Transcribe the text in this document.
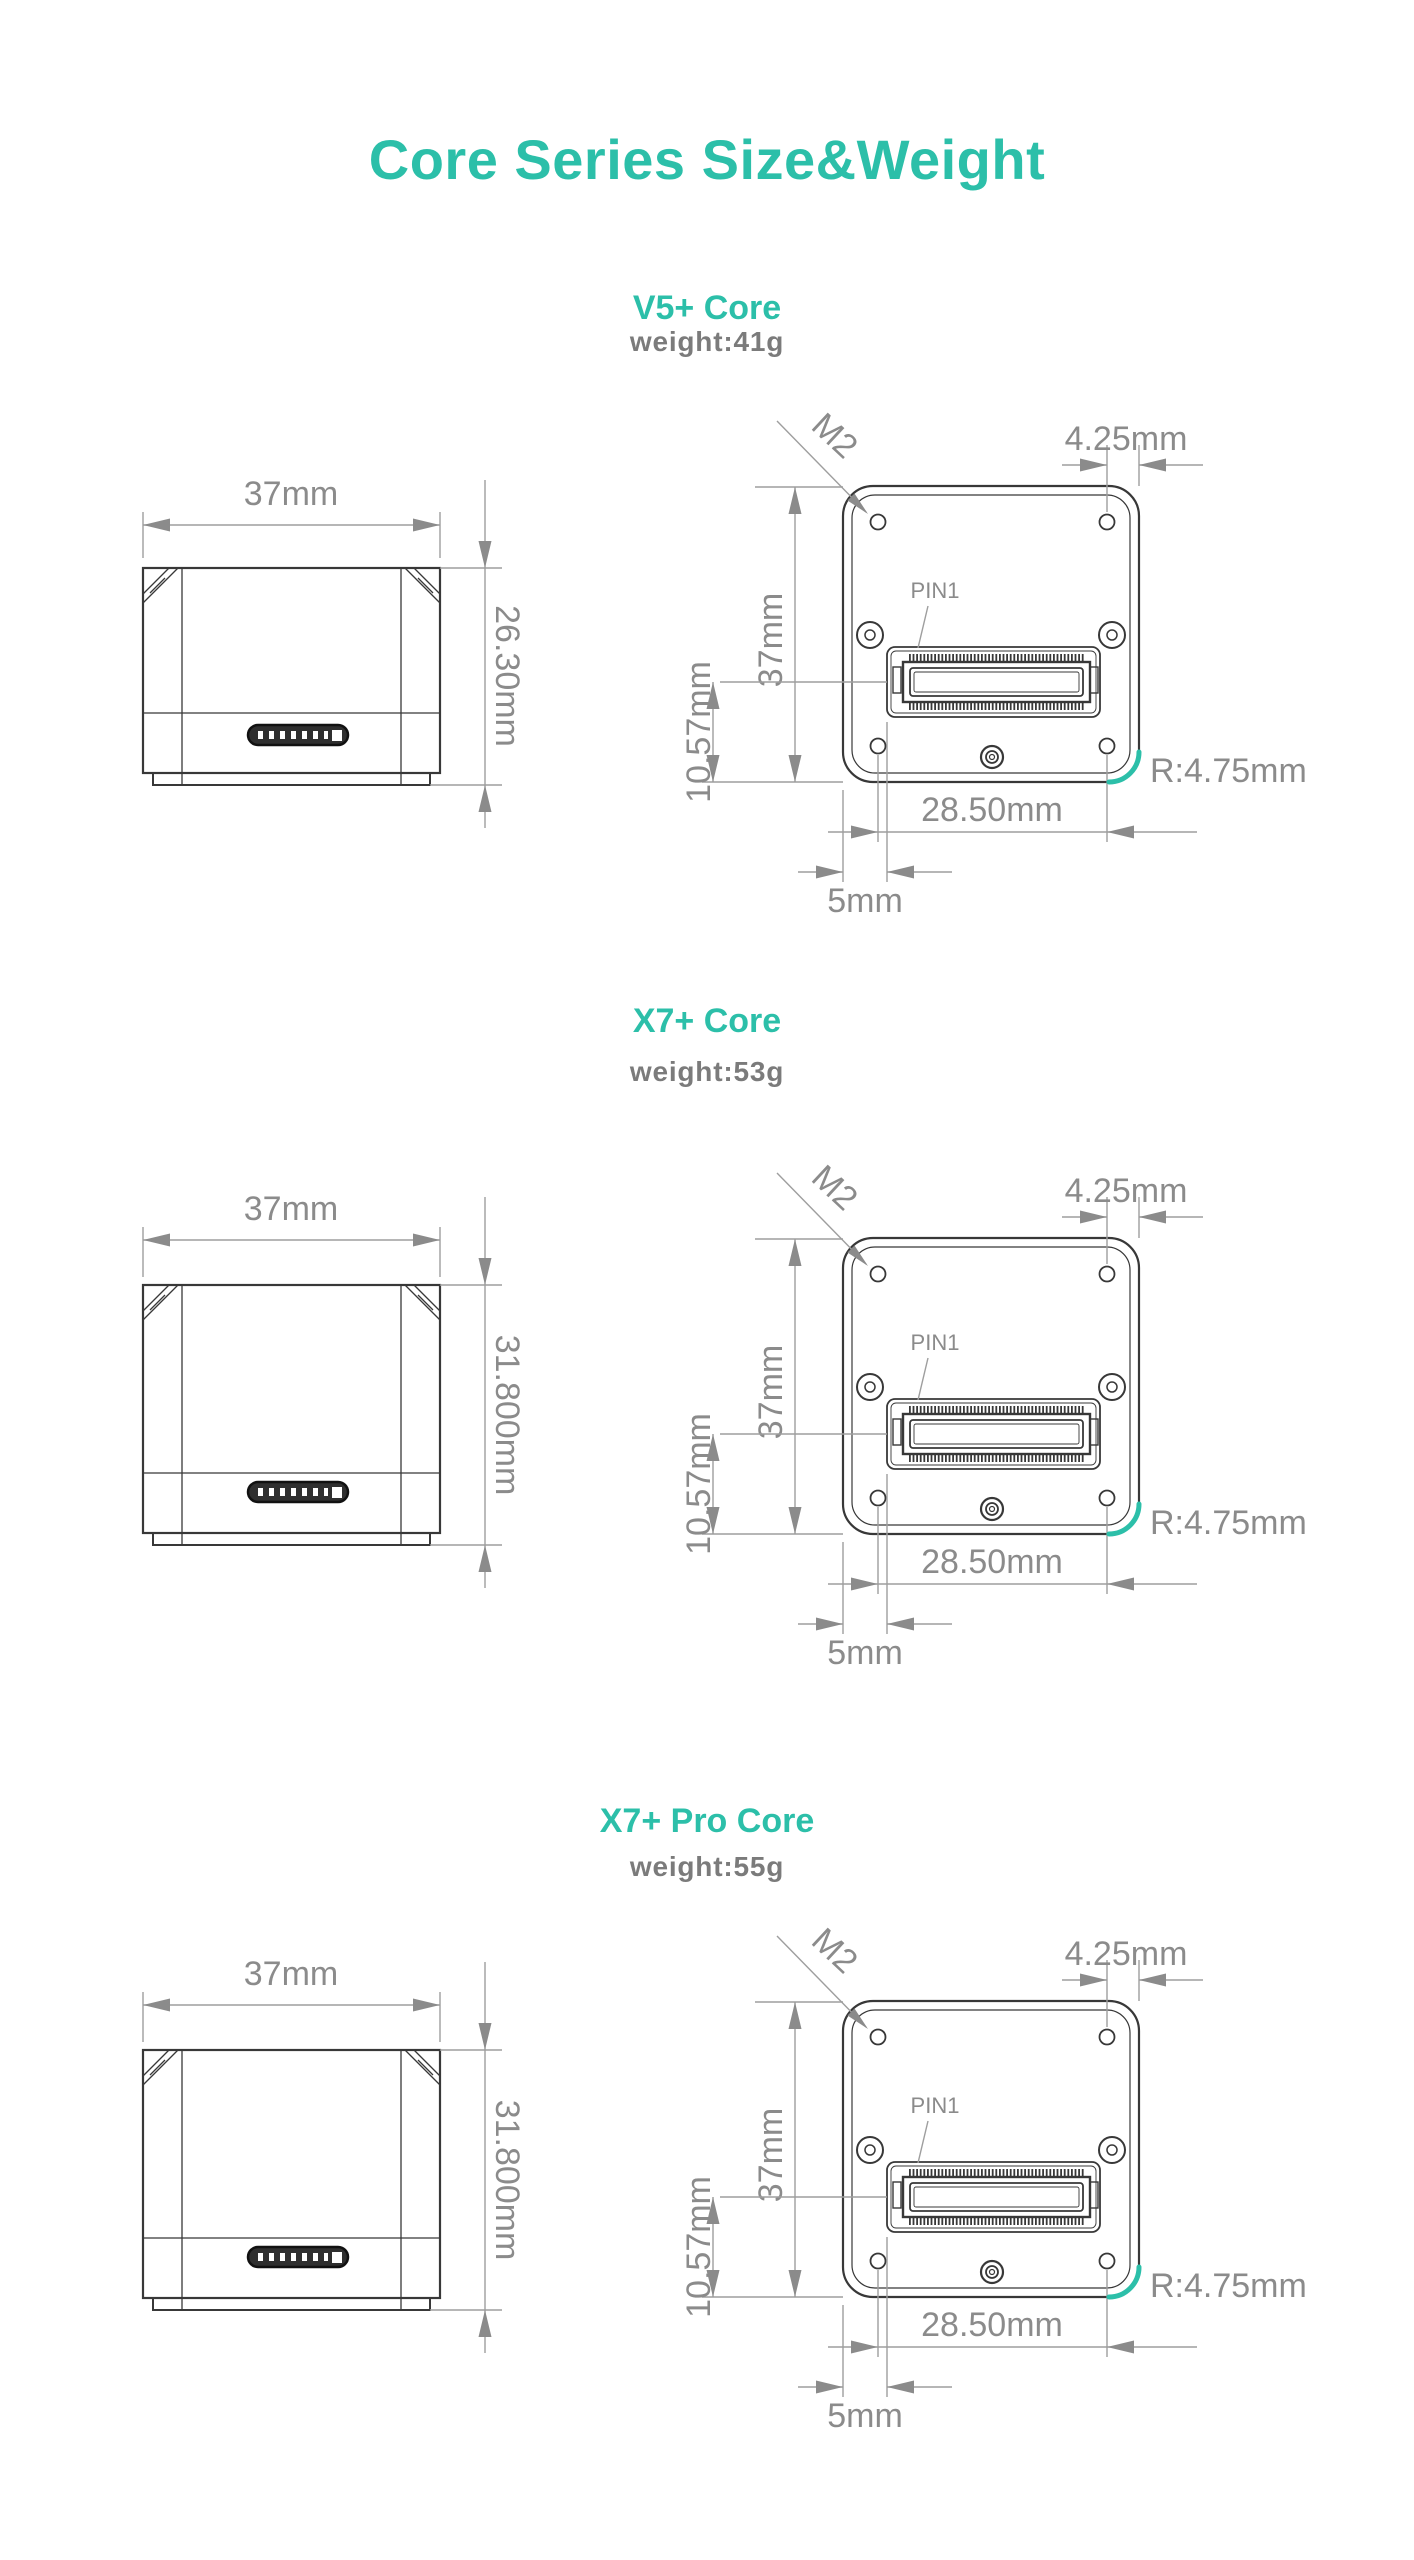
Core Series Size&Weight
V5+ Core
weight:41g
37mm
26.30mm
M2
PIN1
4.25mm
37mm
10.57mm
28.50mm
5mm
R:4.75mm
X7+ Core
weight:53g
37mm
31.800mm
M2
PIN1
4.25mm
37mm
10.57mm
28.50mm
5mm
R:4.75mm
X7+ Pro Core
weight:55g
37mm
31.800mm
M2
PIN1
4.25mm
37mm
10.57mm
28.50mm
5mm
R:4.75mm
